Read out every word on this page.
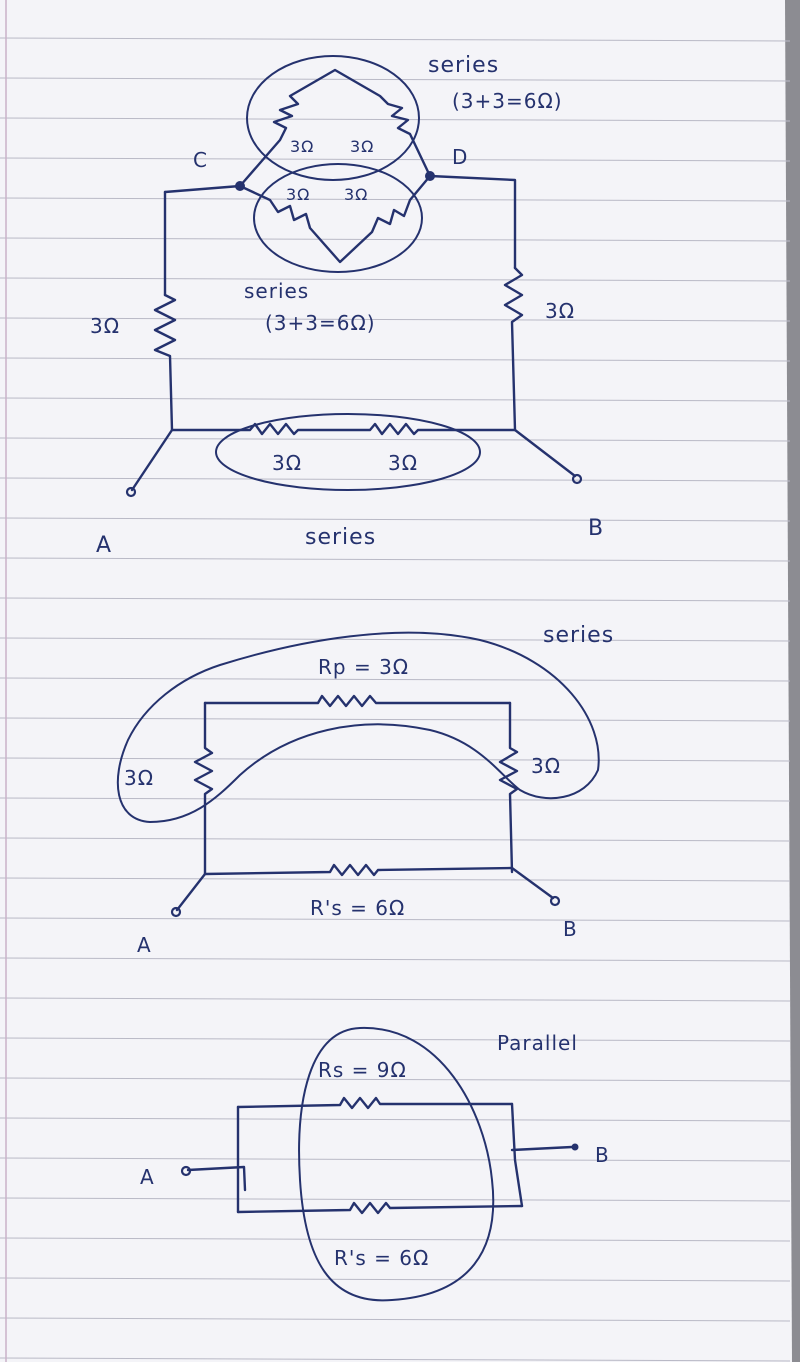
series
(3+3=6Ω)
C	D
3Ω 3Ω
3Ω 3Ω
series
(3+3=6Ω)
3Ω
3Ω
3Ω	3Ω
A
B
series
series
Rp = 3Ω
3Ω	3Ω
R's = 6Ω
A
B
Parallel
Rs = 9Ω
R's = 6Ω
A
B
